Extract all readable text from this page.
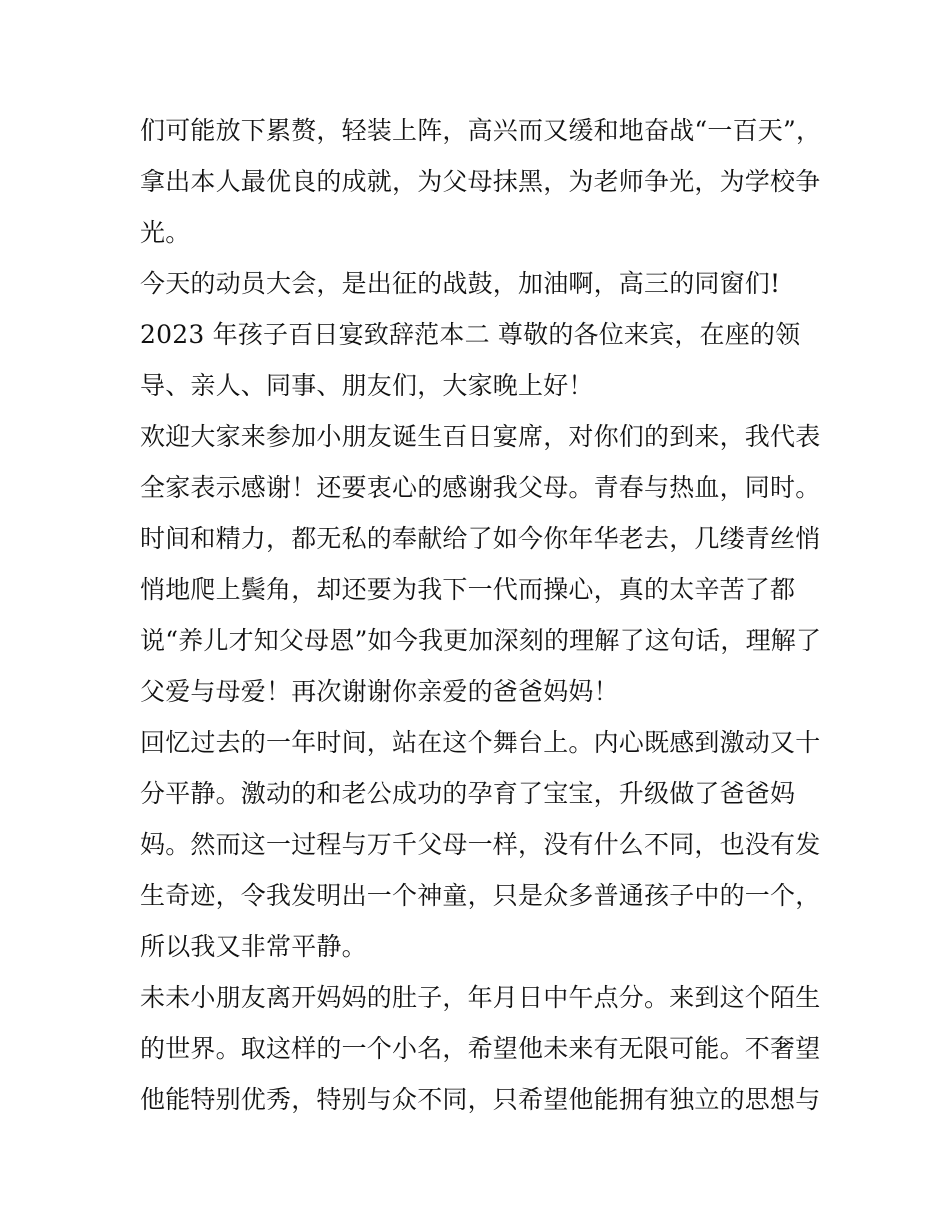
们可能放下累赘，轻装上阵，高兴而又缓和地奋战“一百天”，
拿出本人最优良的成就，为父母抹黑，为老师争光，为学校争
光。
今天的动员大会，是出征的战鼓，加油啊，高三的同窗们!
2023 年孩子百日宴致辞范本二 尊敬的各位来宾，在座的领
导、亲人、同事、朋友们，大家晚上好！
欢迎大家来参加小朋友诞生百日宴席，对你们的到来，我代表
全家表示感谢！还要衷心的感谢我父母。青春与热血，同时。
时间和精力，都无私的奉献给了如今你年华老去，几缕青丝悄
悄地爬上鬓角，却还要为我下一代而操心，真的太辛苦了都
说“养儿才知父母恩”如今我更加深刻的理解了这句话，理解了
父爱与母爱！再次谢谢你亲爱的爸爸妈妈！
回忆过去的一年时间，站在这个舞台上。内心既感到激动又十
分平静。激动的和老公成功的孕育了宝宝，升级做了爸爸妈
妈。然而这一过程与万千父母一样，没有什么不同，也没有发
生奇迹，令我发明出一个神童，只是众多普通孩子中的一个，
所以我又非常平静。
未未小朋友离开妈妈的肚子，年月日中午点分。来到这个陌生
的世界。取这样的一个小名，希望他未来有无限可能。不奢望
他能特别优秀，特别与众不同，只希望他能拥有独立的思想与
